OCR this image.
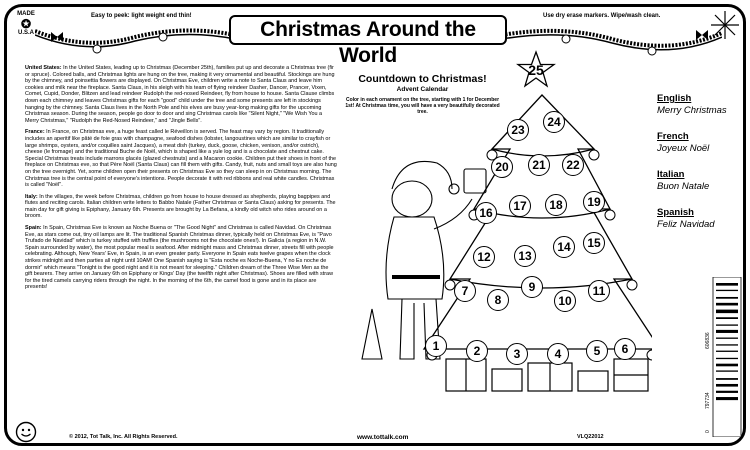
MADE
✪
U.S.A
Easy to peek: light weight end thin!	Use dry erase markers. Wipe/wash clean.
Christmas Around the World

United States: In the United States, leading up to Christmas (December 25th), families put up and decorate a Christmas tree (fir or spruce). Colored balls, and Christmas lights are hung on the tree, making it very ornamental and beautiful. Stockings are hung by the chimney, and poinsettia flowers are displayed. On Christmas Eve, children write a note to Santa Claus and leave him cookies and milk near the fireplace. Santa Claus, in his sleigh with his team of flying reindeer Dasher, Dancer, Prancer, Vixen, Comet, Cupid, Donder, Blitzen and lead reindeer Rudolph the red-nosed Reindeer, fly from house to house. Santa Clause climbs down each chimney and leaves Christmas gifts for each "good" child under the tree and some presents are left in stockings hanging by the chimney. Santa Claus lives in the North Pole and his elves are busy year-long making gifts for the upcoming Christmas season. During the season, people go door to door and sing Christmas carols like "Silent Night," "We Wish You a Merry Christmas," "Rudolph the Red-Nosed Reindeer," and "Jingle Bells".

France: In France, on Christmas eve, a huge feast called le Réveillon is served. The feast may vary by region. It traditionally includes an aperitif like pâté de foie gras with champagne, seafood dishes (lobster, langoustines which are similar to crayfish or large shrimps, oysters, and/or coquilles saint Jacques), a meat dish (turkey, duck, goose, chicken, venison, and/or ostrich), cheese (le fromage) and the traditional Buche de Noël, which is shaped like a yule log and is a chocolate and chestnut cake. Special Christmas treats include marrons glacés (glazed chestnuts) and a Macaron cookie. Children put their shoes in front of the fireplace on Christmas eve, so that Père Noël (Santa Claus) can fill them with gifts. Candy, fruit, nuts and small toys are also hung on the tree overnight. Yet, some children open their presents on Christmas Eve so they can sleep in on Christmas morning. The Christmas tree is the central point of everyone's intentions. People decorate it with red ribbons and real white candles. Christmas is called "Noël".

Italy: In the villages, the week before Christmas, children go from house to house dressed as shepherds, playing bagpipes and flutes and reciting carols. Italian children write letters to Babbo Natale (Father Christmas or Santa Claus) asking for presents. The main day for gift giving is Epiphany, January 6th. Presents are brought by La Befana, a kindly old witch who rides around on a broom.

Spain: In Spain, Christmas Eve is known as Noche Buena or "The Good Night" and Christmas is called Navidad. On Christmas Eve, as stars come out, tiny oil lamps are lit. The traditional Spanish Christmas dinner, typically held on Christmas Eve, is "Pavo Trufado de Navidad" which is turkey stuffed with truffles (the mushrooms not the chocolate ones!). In Galicia (a region in N.W. Spain surrounded by water), the most popular meal is seafood. After midnight mass and Christmas dinner, streets fill with people celebrating. Although, New Years' Eve, in Spain, is an even greater party. Everyone in Spain eats twelve grapes when the clock strikes midnight and then parties all night until 10AM! One Spanish saying is "Esta noche es Noche-Buena, Y no Es noche de dormir" which means "Tonight is the good night and it is not meant for sleeping." Children dream of the Three Wise Men as the gift bearers. They arrive on January 6th on Epiphany or Kings' Day (the twelfth night after Christmas). Shoes are filled with straw for the tired camels carrying riders through the night. In the morning of the 6th, the camel food is gone and in its place are presents!

1	2	3	4	5 6
7
8
9
10
11
12 13
14 15
16 17 18 19
20 21 22
23
24
25
Countdown to Christmas!
Advent Calendar
Color in each ornament on the tree, starting with 1 for December 1st! At Christmas time, you will have a very beautifully decorated tree.
English
Merry Christmas
French
Joyeux Noël
Italian
Buon Natale
Spanish
Feliz Navidad
0
797734
606836
© 2012, Tot Talk, Inc. All Rights Reserved.	www.tottalk.com	VLQ22012
